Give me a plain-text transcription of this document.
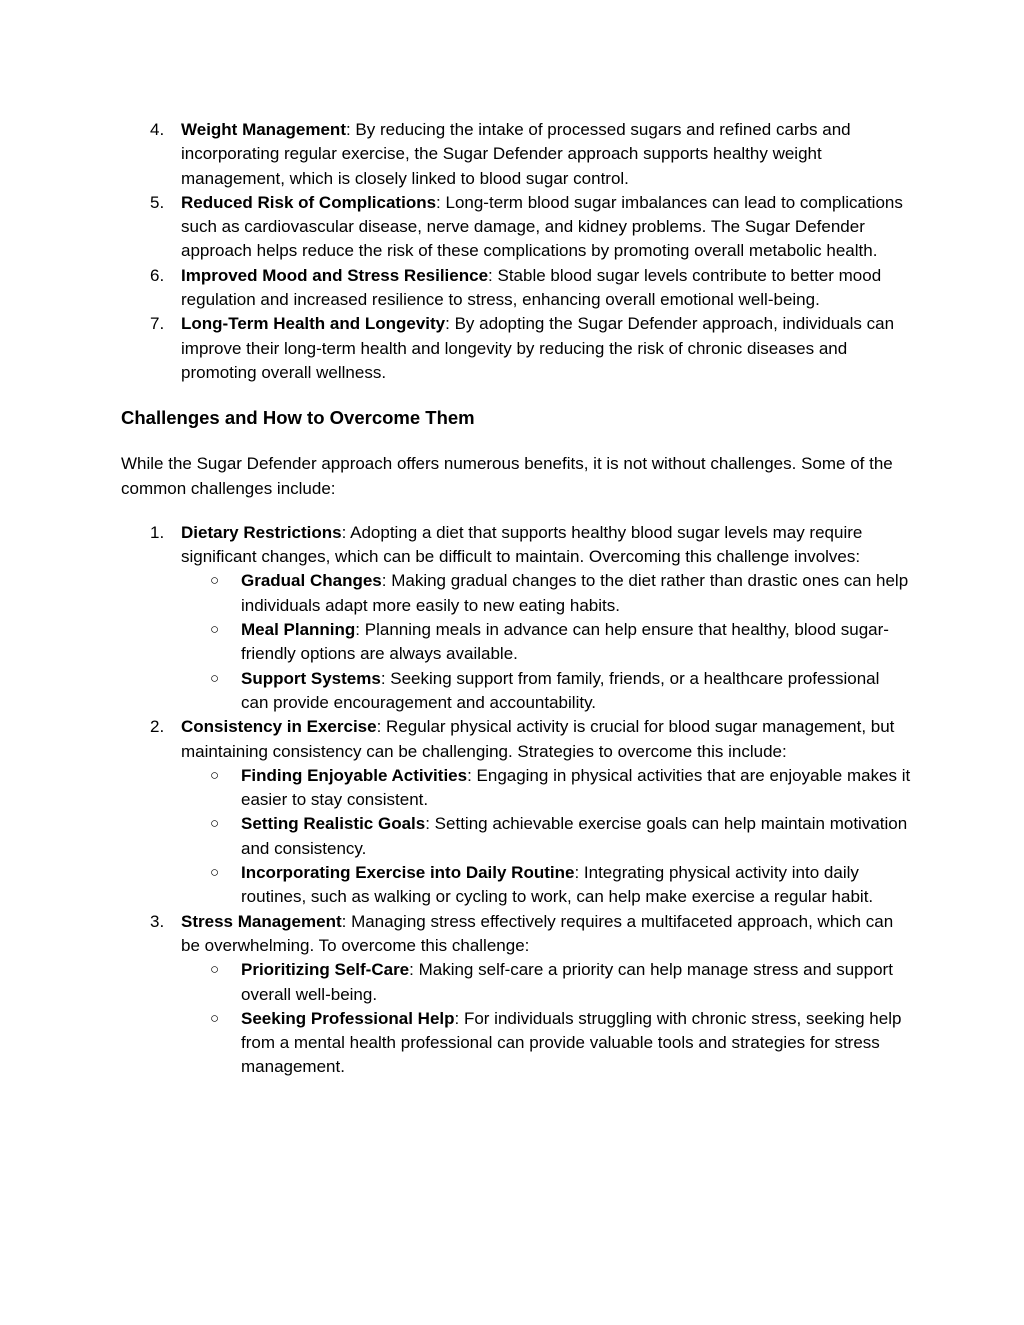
4. Weight Management: By reducing the intake of processed sugars and refined carbs and incorporating regular exercise, the Sugar Defender approach supports healthy weight management, which is closely linked to blood sugar control.
5. Reduced Risk of Complications: Long-term blood sugar imbalances can lead to complications such as cardiovascular disease, nerve damage, and kidney problems. The Sugar Defender approach helps reduce the risk of these complications by promoting overall metabolic health.
6. Improved Mood and Stress Resilience: Stable blood sugar levels contribute to better mood regulation and increased resilience to stress, enhancing overall emotional well-being.
7. Long-Term Health and Longevity: By adopting the Sugar Defender approach, individuals can improve their long-term health and longevity by reducing the risk of chronic diseases and promoting overall wellness.
Challenges and How to Overcome Them

While the Sugar Defender approach offers numerous benefits, it is not without challenges. Some of the common challenges include:

1. Dietary Restrictions: Adopting a diet that supports healthy blood sugar levels may require significant changes, which can be difficult to maintain. Overcoming this challenge involves:
○ Gradual Changes: Making gradual changes to the diet rather than drastic ones can help individuals adapt more easily to new eating habits.
○ Meal Planning: Planning meals in advance can help ensure that healthy, blood sugar-friendly options are always available.
○ Support Systems: Seeking support from family, friends, or a healthcare professional can provide encouragement and accountability.
2. Consistency in Exercise: Regular physical activity is crucial for blood sugar management, but maintaining consistency can be challenging. Strategies to overcome this include:
○ Finding Enjoyable Activities: Engaging in physical activities that are enjoyable makes it easier to stay consistent.
○ Setting Realistic Goals: Setting achievable exercise goals can help maintain motivation and consistency.
○ Incorporating Exercise into Daily Routine: Integrating physical activity into daily routines, such as walking or cycling to work, can help make exercise a regular habit.
3. Stress Management: Managing stress effectively requires a multifaceted approach, which can be overwhelming. To overcome this challenge:
○ Prioritizing Self-Care: Making self-care a priority can help manage stress and support overall well-being.
○ Seeking Professional Help: For individuals struggling with chronic stress, seeking help from a mental health professional can provide valuable tools and strategies for stress management.
